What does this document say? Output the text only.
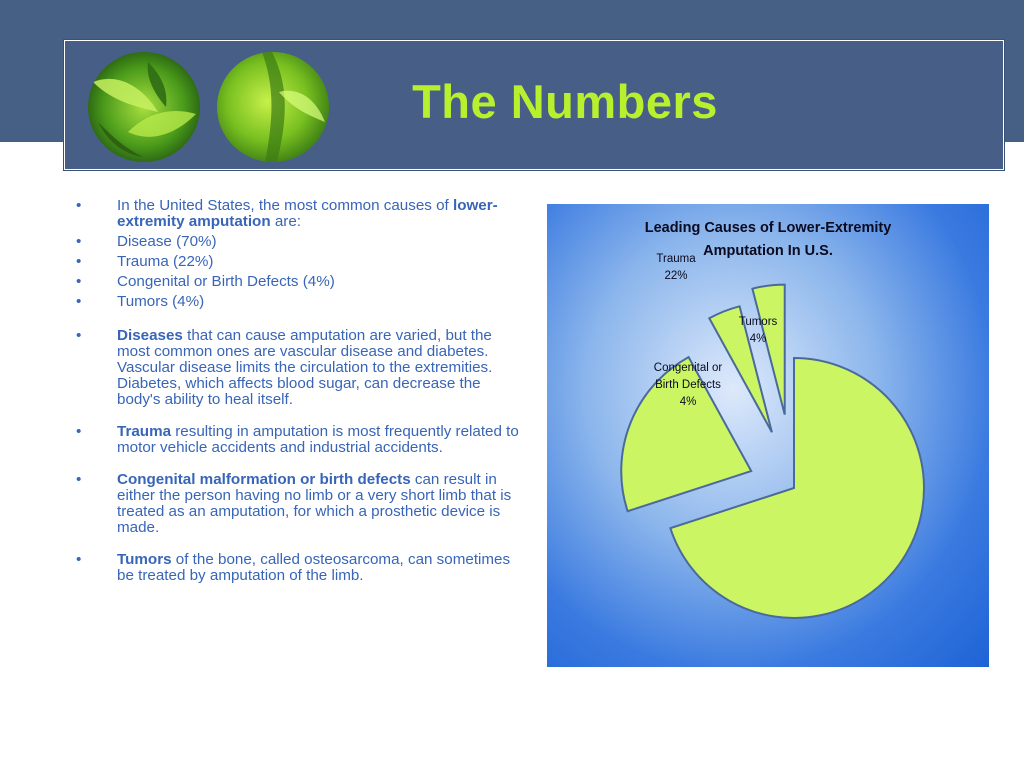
The Numbers
• In the United States, the most common causes of lower-extremity amputation are:
• Disease (70%)
• Trauma (22%)
• Congenital or Birth Defects (4%)
• Tumors (4%)
• Diseases that can cause amputation are varied, but the most common ones are vascular disease and diabetes. Vascular disease limits the circulation to the extremities. Diabetes, which affects blood sugar, can decrease the body's ability to heal itself.
• Trauma resulting in amputation is most frequently related to motor vehicle accidents and industrial accidents.
• Congenital malformation or birth defects can result in either the person having no limb or a very short limb that is treated as an amputation, for which a prosthetic device is made.
• Tumors of the bone, called osteosarcoma, can sometimes be treated by amputation of the limb.
Leading Causes of Lower-Extremity
Amputation In U.S.
Trauma
22%
Congenital or
Birth Defects
4%
Tumors
4%
